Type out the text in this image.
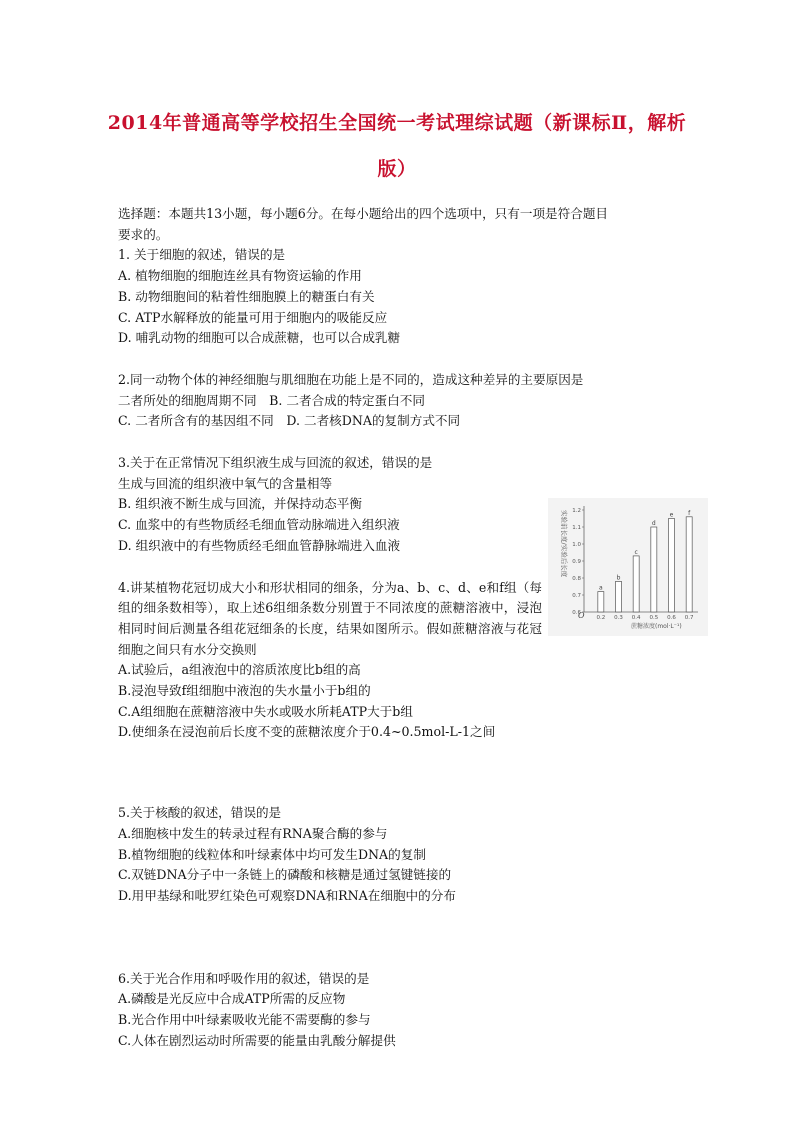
2014年普通高等学校招生全国统一考试理综试题（新课标Ⅱ，解析
版）
选择题：本题共13小题，每小题6分。在每小题给出的四个选项中，只有一项是符合题目
要求的。
1. 关于细胞的叙述，错误的是
A. 植物细胞的细胞连丝具有物资运输的作用
B. 动物细胞间的粘着性细胞膜上的糖蛋白有关
C. ATP水解释放的能量可用于细胞内的吸能反应
D. 哺乳动物的细胞可以合成蔗糖，也可以合成乳糖
2.同一动物个体的神经细胞与肌细胞在功能上是不同的，造成这种差异的主要原因是
二者所处的细胞周期不同　B. 二者合成的特定蛋白不同
C. 二者所含有的基因组不同　D. 二者核DNA的复制方式不同
3.关于在正常情况下组织液生成与回流的叙述，错误的是
生成与回流的组织液中氧气的含量相等
B. 组织液不断生成与回流，并保持动态平衡
C. 血浆中的有些物质经毛细血管动脉端进入组织液
D. 组织液中的有些物质经毛细血管静脉端进入血液
4.讲某植物花冠切成大小和形状相同的细条，分为a、b、c、d、e和f组（每组的细条数相等），取上述6组细条数分别置于不同浓度的蔗糖溶液中，浸泡相同时间后测量各组花冠细条的长度，结果如图所示。假如蔗糖溶液与花冠细胞之间只有水分交换则
A.试验后，a组液泡中的溶质浓度比b组的高
B.浸泡导致f组细胞中液泡的失水量小于b组的
C.A组细胞在蔗糖溶液中失水或吸水所耗ATP大于b组
D.使细条在浸泡前后长度不变的蔗糖浓度介于0.4~0.5mol-L-1之间
5.关于核酸的叙述，错误的是
A.细胞核中发生的转录过程有RNA聚合酶的参与
B.植物细胞的线粒体和叶绿素体中均可发生DNA的复制
C.双链DNA分子中一条链上的磷酸和核糖是通过氢键链接的
D.用甲基绿和吡罗红染色可观察DNA和RNA在细胞中的分布
6.关于光合作用和呼吸作用的叙述，错误的是
A.磷酸是光反应中合成ATP所需的反应物
B.光合作用中叶绿素吸收光能不需要酶的参与
C.人体在剧烈运动时所需要的能量由乳酸分解提供
实验前长度/实验后长度
O
蔗糖浓度(mol·L⁻¹)
0.6
0.7
0.8
0.9
1.0
1.1
1.2
a
0.2
b
0.3
c
0.4
d
0.5
e
0.6
f
0.7
